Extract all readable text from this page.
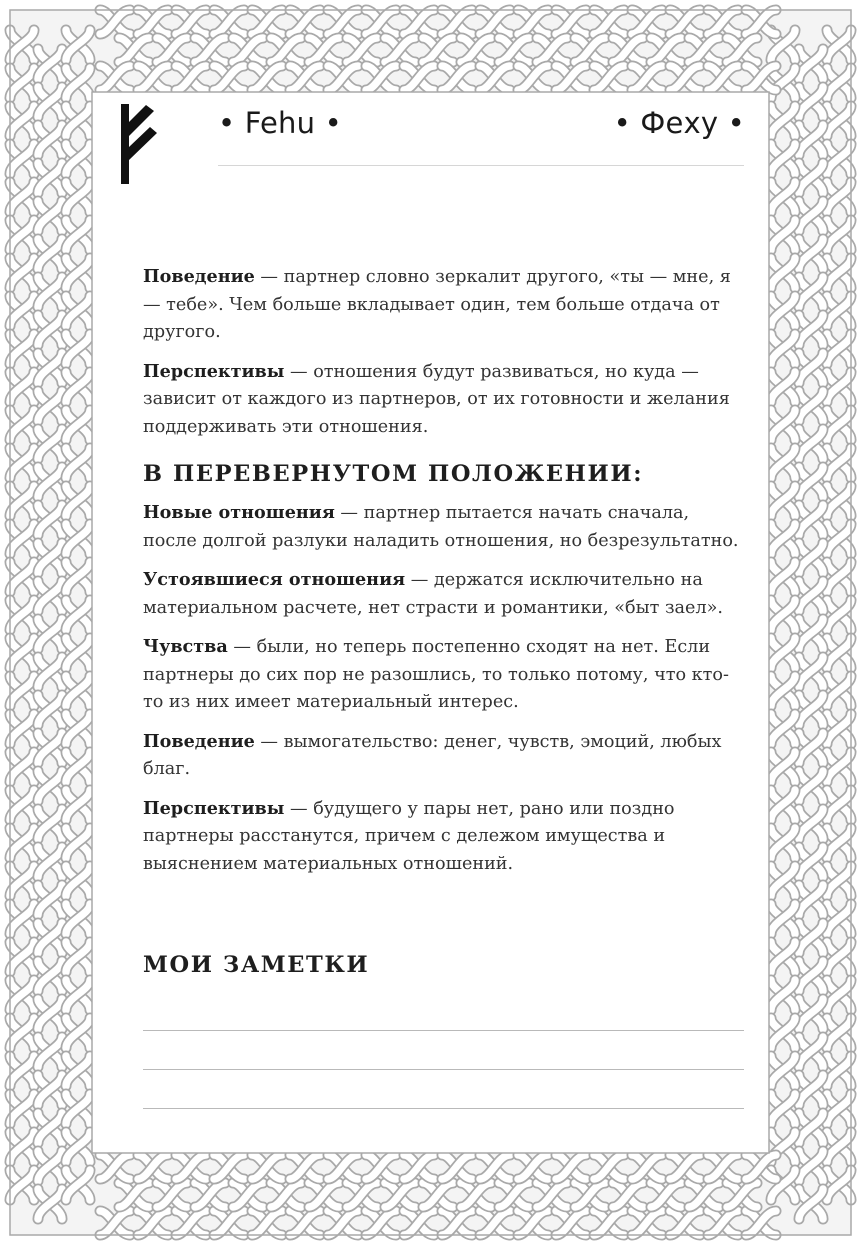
• Fehu •	• Феху •

Поведение — партнер словно зеркалит другого, «ты — мне, я — тебе». Чем больше вкладывает один, тем больше отдача от другого.

Перспективы — отношения будут развиваться, но куда — зависит от каждого из партнеров, от их готовности и желания поддерживать эти отношения.

В ПЕРЕВЕРНУТОМ ПОЛОЖЕНИИ:

Новые отношения — партнер пытается начать сначала, после долгой разлуки наладить отношения, но безрезультатно.

Устоявшиеся отношения — держатся исключительно на материальном расчете, нет страсти и романтики, «быт заел».

Чувства — были, но теперь постепенно сходят на нет. Если партнеры до сих пор не разошлись, то только потому, что кто-то из них имеет материальный интерес.

Поведение — вымогательство: денег, чувств, эмоций, любых благ.

Перспективы — будущего у пары нет, рано или поздно партнеры расстанутся, причем с дележом имущества и выяснением материальных отношений.

МОИ ЗАМЕТКИ
